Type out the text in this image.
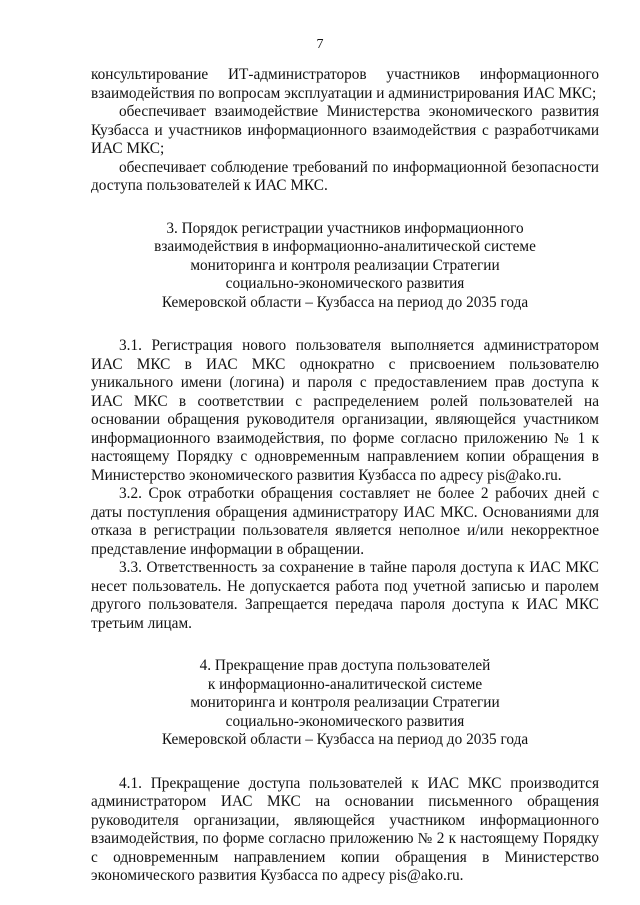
7

консультирование ИТ-администраторов участников информационного взаимодействия по вопросам эксплуатации и администрирования ИАС МКС;

обеспечивает взаимодействие Министерства экономического развития Кузбасса и участников информационного взаимодействия с разработчиками ИАС МКС;

обеспечивает соблюдение требований по информационной безопасности доступа пользователей к ИАС МКС.

3. Порядок регистрации участников информационного
взаимодействия в информационно-аналитической системе
мониторинга и контроля реализации Стратегии
социально-экономического развития
Кемеровской области – Кузбасса на период до 2035 года

3.1. Регистрация нового пользователя выполняется администратором ИАС МКС в ИАС МКС однократно с присвоением пользователю уникального имени (логина) и пароля с предоставлением прав доступа к ИАС МКС в соответствии с распределением ролей пользователей на основании обращения руководителя организации, являющейся участником информационного взаимодействия, по форме согласно приложению № 1 к настоящему Порядку с одновременным направлением копии обращения в Министерство экономического развития Кузбасса по адресу pis@ako.ru.

3.2. Срок отработки обращения составляет не более 2 рабочих дней с даты поступления обращения администратору ИАС МКС. Основаниями для отказа в регистрации пользователя является неполное и/или некорректное представление информации в обращении.

3.3. Ответственность за сохранение в тайне пароля доступа к ИАС МКС несет пользователь. Не допускается работа под учетной записью и паролем другого пользователя. Запрещается передача пароля доступа к ИАС МКС третьим лицам.

4. Прекращение прав доступа пользователей
к информационно-аналитической системе
мониторинга и контроля реализации Стратегии
социально-экономического развития
Кемеровской области – Кузбасса на период до 2035 года

4.1. Прекращение доступа пользователей к ИАС МКС производится администратором ИАС МКС на основании письменного обращения руководителя организации, являющейся участником информационного взаимодействия, по форме согласно приложению № 2 к настоящему Порядку с одновременным направлением копии обращения в Министерство экономического развития Кузбасса по адресу pis@ako.ru.
